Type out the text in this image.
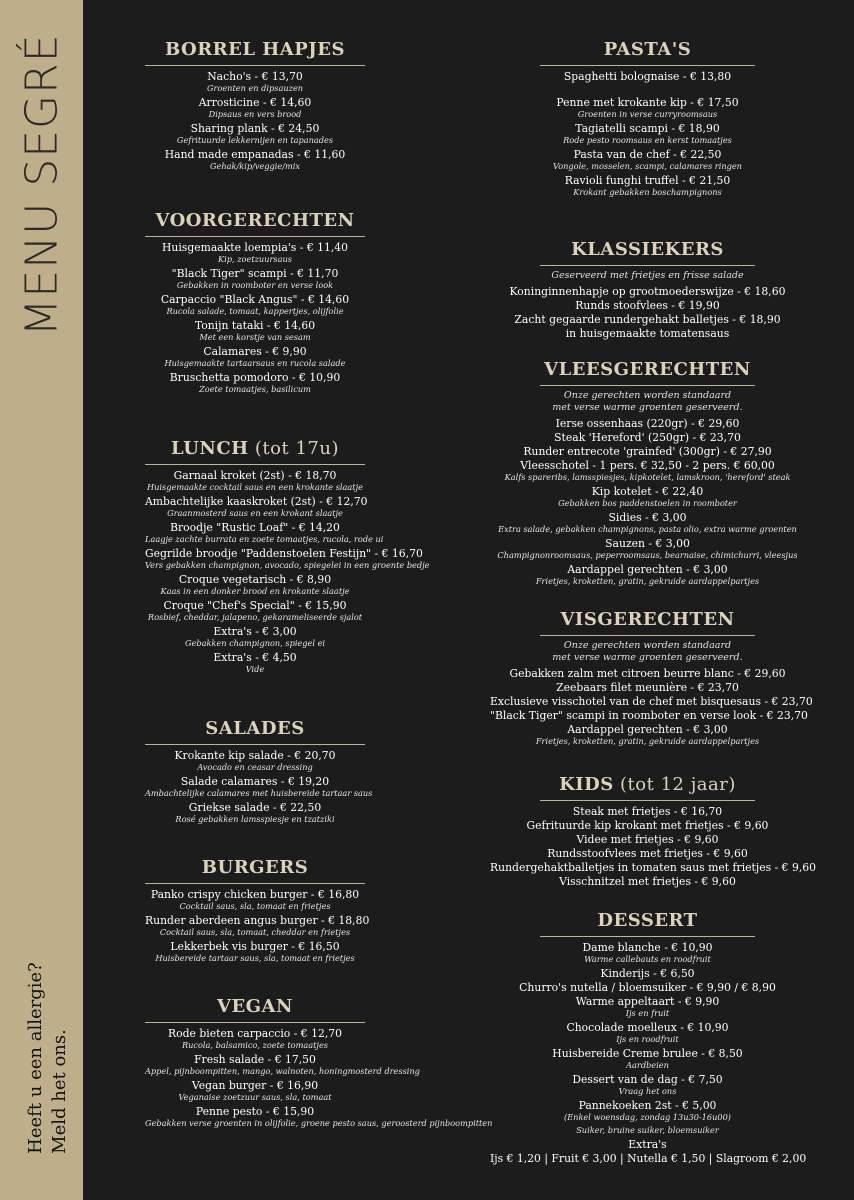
MENU SEGRÉ
Heeft u een allergie? Meld het ons.
BORREL HAPJES
Nacho's - € 13,70
Groenten en dipsauzen
Arrosticine - € 14,60
Dipsaus en vers brood
Sharing plank - € 24,50
Gefrituurde lekkernijen en tapanades
Hand made empanadas - € 11,60
Gehak/kip/veggie/mix
VOORGERECHTEN
Huisgemaakte loempia's - € 11,40
Kip, zoetzuursaus
"Black Tiger" scampi - € 11,70
Gebakken in roomboter en verse look
Carpaccio "Black Angus" - € 14,60
Rucola salade, tomaat, kappertjes, olijfolie
Tonijn tataki - € 14,60
Met een korstje van sesam
Calamares - € 9,90
Huisgemaakte tartaarsaus en rucola salade
Bruschetta pomodoro - € 10,90
Zoete tomaatjes, basilicum
LUNCH (tot 17u)
Garnaal kroket (2st) - € 18,70
Huisgemaakte cocktail saus en een krokante slaatje
Ambachtelijke kaaskroket (2st) - € 12,70
Graanmosterd saus en een krokant slaatje
Broodje "Rustic Loaf" - € 14,20
Laagje zachte burrata en zoete tomaatjes, rucola, rode ui
Gegrilde broodje "Paddenstoelen Festijn" - € 16,70
Vers gebakken champignon, avocado, spiegelei in een groente bedje
Croque vegetarisch - € 8,90
Kaas in een donker brood en krokante slaatje
Croque "Chef's Special" - € 15,90
Rosbief, cheddar, jalapeno, gekarameliseerde sjalot
Extra's - € 3,00
Gebakken champignon, spiegel ei
Extra's - € 4,50
Vide
SALADES
Krokante kip salade - € 20,70
Avocado en ceasar dressing
Salade calamares - € 19,20
Ambachtelijke calamares met huisbereide tartaar saus
Griekse salade - € 22,50
Rosé gebakken lamsspiesje en tzatziki
BURGERS
Panko crispy chicken burger - € 16,80
Cocktail saus, sla, tomaat en frietjes
Runder aberdeen angus burger - € 18,80
Cocktail saus, sla, tomaat, cheddar en frietjes
Lekkerbek vis burger - € 16,50
Huisbereide tartaar saus, sla, tomaat en frietjes
VEGAN
Rode bieten carpaccio - € 12,70
Rucola, balsamico, zoete tomaatjes
Fresh salade - € 17,50
Appel, pijnboompitten, mango, walnoten, honingmosterd dressing
Vegan burger - € 16,90
Veganaise zoetzuur saus, sla, tomaat
Penne pesto - € 15,90
Gebakken verse groenten in olijfolie, groene pesto saus, geroosterd pijnboompitten
PASTA'S
Spaghetti bolognaise - € 13,80
Penne met krokante kip - € 17,50
Groenten in verse curryroomsaus
Tagiatelli scampi - € 18,90
Rode pesto roomsaus en kerst tomaatjes
Pasta van de chef - € 22,50
Vongole, mosselen, scampi, calamares ringen
Ravioli funghi truffel - € 21,50
Krokant gebakken boschampignons
KLASSIEKERS
Geserveerd met frietjes en frisse salade
Koninginnenhapje op grootmoederswijze - € 18,60
Runds stoofvlees - € 19,90
Zacht gegaarde rundergehakt balletjes - € 18,90
in huisgemaakte tomatensaus
VLEESGERECHTEN
Onze gerechten worden standaard
met verse warme groenten geserveerd.
Ierse ossenhaas (220gr) - € 29,60
Steak 'Hereford' (250gr) - € 23,70
Runder entrecote 'grainfed' (300gr) - € 27,90
Vleesschotel - 1 pers. € 32,50 - 2 pers. € 60,00
Kalfs spareribs, lamsspiesjes, kipkotelet, lamskroon, 'hereford' steak
Kip kotelet - € 22,40
Gebakken bos paddenstoelen in roomboter
Sidies - € 3,00
Extra salade, gebakken champignons, pasta olio, extra warme groenten
Sauzen - € 3,00
Champignonroomsaus, peperroomsaus, bearnaise, chimichurri, vleesjus
Aardappel gerechten - € 3,00
Frietjes, kroketten, gratin, gekruide aardappelpartjes
VISGERECHTEN
Onze gerechten worden standaard
met verse warme groenten geserveerd.
Gebakken zalm met citroen beurre blanc - € 29,60
Zeebaars filet meunière - € 23,70
Exclusieve visschotel van de chef met bisquesaus - € 23,70
"Black Tiger" scampi in roomboter en verse look - € 23,70
Aardappel gerechten - € 3,00
Frietjes, kroketten, gratin, gekruide aardappelpartjes
KIDS (tot 12 jaar)
Steak met frietjes - € 16,70
Gefrituurde kip krokant met frietjes - € 9,60
Videe met frietjes - € 9,60
Rundsstoofvlees met frietjes - € 9,60
Rundergehaktballetjes in tomaten saus met frietjes - € 9,60
Visschnitzel met frietjes - € 9,60
DESSERT
Dame blanche - € 10,90
Warme callebauts en roodfruit
Kinderijs - € 6,50
Churro's nutella / bloemsuiker - € 9,90 / € 8,90
Warme appeltaart - € 9,90
Ijs en fruit
Chocolade moelleux - € 10,90
Ijs en roodfruit
Huisbereide Creme brulee - € 8,50
Aardbeien
Dessert van de dag - € 7,50
Vraag het ons
Pannekoeken 2st - € 5,00
(Enkel woensdag, zondag 13u30-16u00)
Suiker, bruine suiker, bloemsuiker
Extra's
Ijs € 1,20 | Fruit € 3,00 | Nutella € 1,50 | Slagroom € 2,00
